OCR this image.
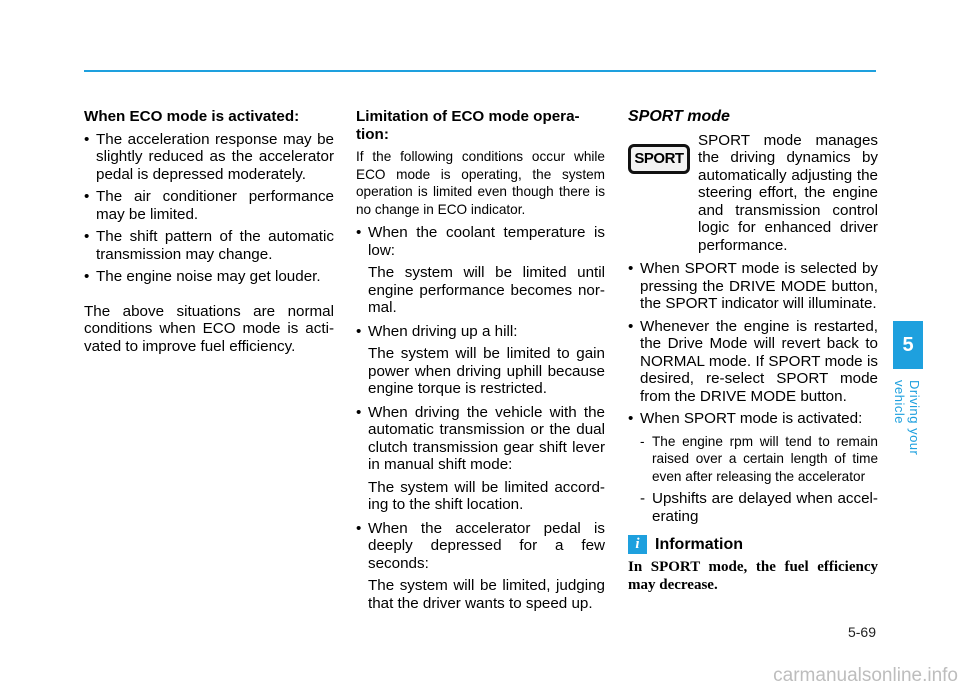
When ECO mode is activated:
• The acceleration response may be slightly reduced as the accelerator pedal is depressed moderately.
• The air conditioner performance may be limited.
• The shift pattern of the automatic transmission may change.
• The engine noise may get louder.
The above situations are normal conditions when ECO mode is acti-vated to improve fuel efficiency.
Limitation of ECO mode opera-tion:
If the following conditions occur while ECO mode is operating, the system operation is limited even though there is no change in ECO indicator.
• When the coolant temperature is low:
The system will be limited until engine performance becomes nor-mal.
• When driving up a hill:
The system will be limited to gain power when driving uphill because engine torque is restricted.
• When driving the vehicle with the automatic transmission or the dual clutch transmission gear shift lever in manual shift mode:
The system will be limited accord-ing to the shift location.
• When the accelerator pedal is deeply depressed for a few seconds:
The system will be limited, judging that the driver wants to speed up.
SPORT mode
SPORT
SPORT mode manages the driving dynamics by automatically adjusting the steering effort, the engine and transmission control logic for enhanced driver performance.
• When SPORT mode is selected by pressing the DRIVE MODE button, the SPORT indicator will illuminate.
• Whenever the engine is restarted, the Drive Mode will revert back to NORMAL mode. If SPORT mode is desired, re-select SPORT mode from the DRIVE MODE button.
• When SPORT mode is activated:
- The engine rpm will tend to remain raised over a certain length of time even after releasing the accelerator
- Upshifts are delayed when accel-erating
i Information
In SPORT mode, the fuel efficiency may decrease.
5
Driving your vehicle
5-69
carmanualsonline.info
